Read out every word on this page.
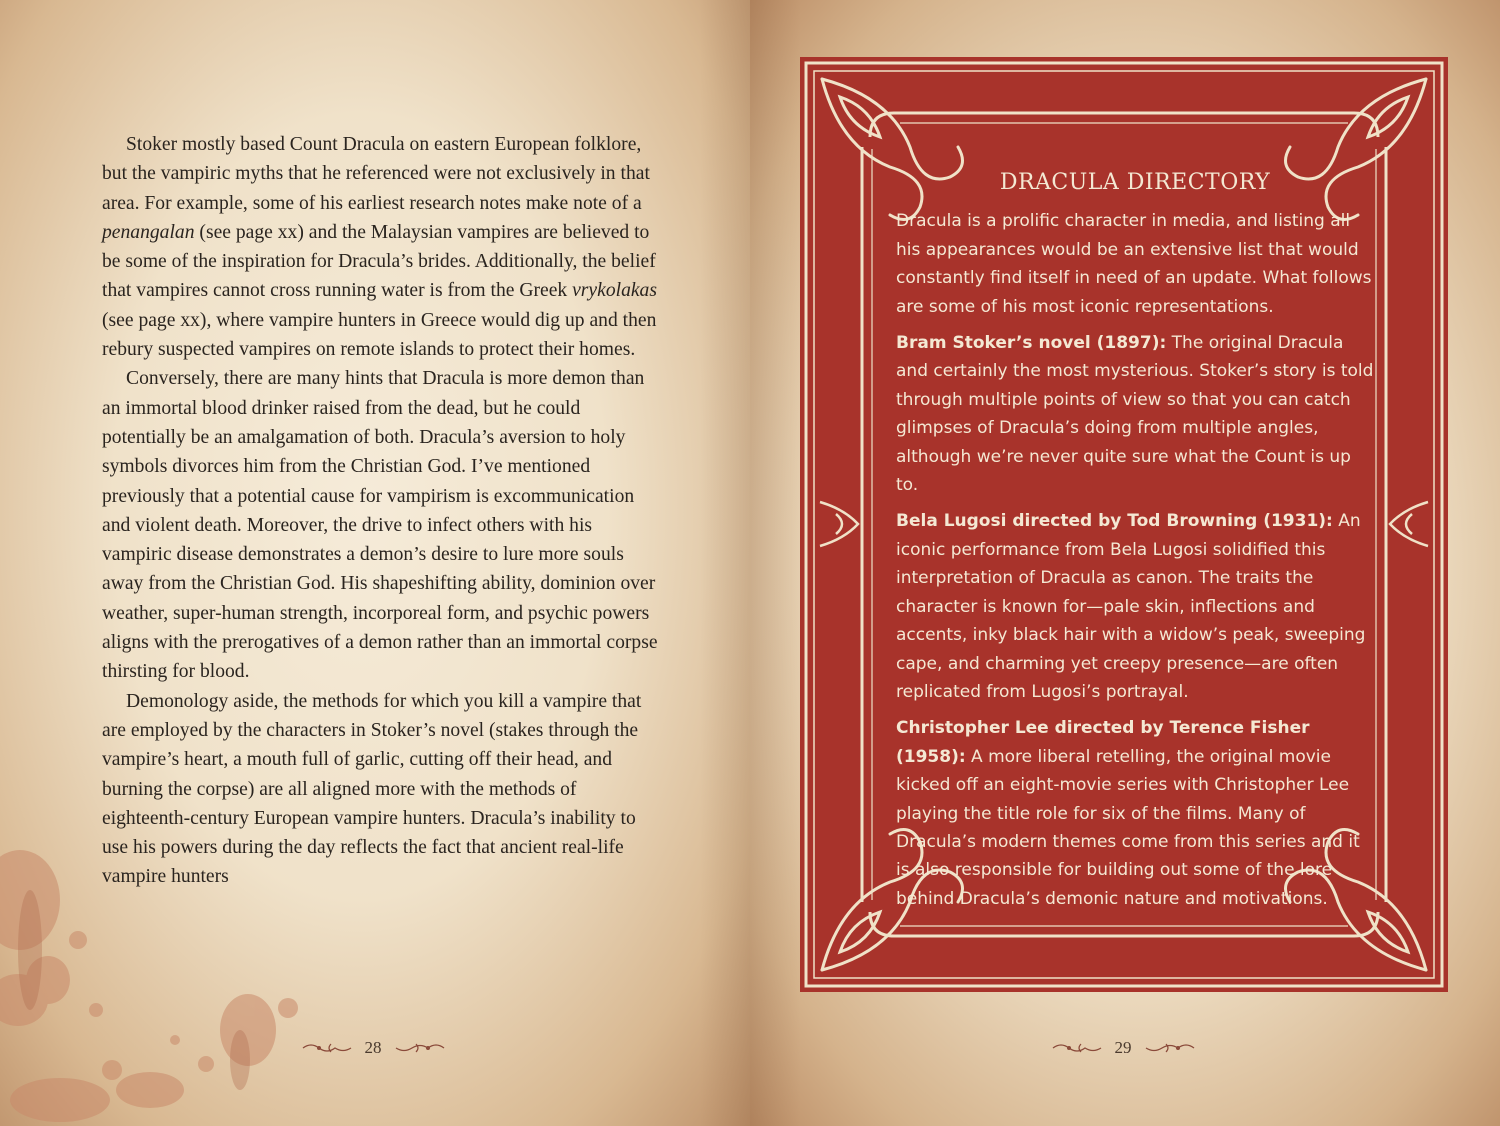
Stoker mostly based Count Dracula on eastern European folklore, but the vampiric myths that he referenced were not exclusively in that area. For example, some of his earliest research notes make note of a penangalan (see page xx) and the Malaysian vampires are believed to be some of the inspiration for Dracula’s brides. Additionally, the belief that vampires cannot cross running water is from the Greek vrykolakas (see page xx), where vampire hunters in Greece would dig up and then rebury suspected vampires on remote islands to protect their homes.

Conversely, there are many hints that Dracula is more demon than an immortal blood drinker raised from the dead, but he could potentially be an amalgamation of both. Dracula’s aversion to holy symbols divorces him from the Christian God. I’ve mentioned previously that a potential cause for vampirism is excommunication and violent death. Moreover, the drive to infect others with his vampiric disease demonstrates a demon’s desire to lure more souls away from the Christian God. His shapeshifting ability, dominion over weather, super-human strength, incorporeal form, and psychic powers aligns with the prerogatives of a demon rather than an immortal corpse thirsting for blood.

Demonology aside, the methods for which you kill a vampire that are employed by the characters in Stoker’s novel (stakes through the vampire’s heart, a mouth full of garlic, cutting off their head, and burning the corpse) are all aligned more with the methods of eighteenth-century European vampire hunters. Dracula’s inability to use his powers during the day reflects the fact that ancient real-life vampire hunters

28	29
DRACULA DIRECTORY

Dracula is a prolific character in media, and listing all his appearances would be an extensive list that would constantly find itself in need of an update. What follows are some of his most iconic representations.

Bram Stoker’s novel (1897): The original Dracula and certainly the most mysterious. Stoker’s story is told through multiple points of view so that you can catch glimpses of Dracula’s doing from multiple angles, although we’re never quite sure what the Count is up to.

Bela Lugosi directed by Tod Browning (1931): An iconic performance from Bela Lugosi solidified this interpretation of Dracula as canon. The traits the character is known for—pale skin, inflections and accents, inky black hair with a widow’s peak, sweeping cape, and charming yet creepy presence—are often replicated from Lugosi’s portrayal.

Christopher Lee directed by Terence Fisher (1958): A more liberal retelling, the original movie kicked off an eight-movie series with Christopher Lee playing the title role for six of the films. Many of Dracula’s modern themes come from this series and it is also responsible for building out some of the lore behind Dracula’s demonic nature and motivations.
